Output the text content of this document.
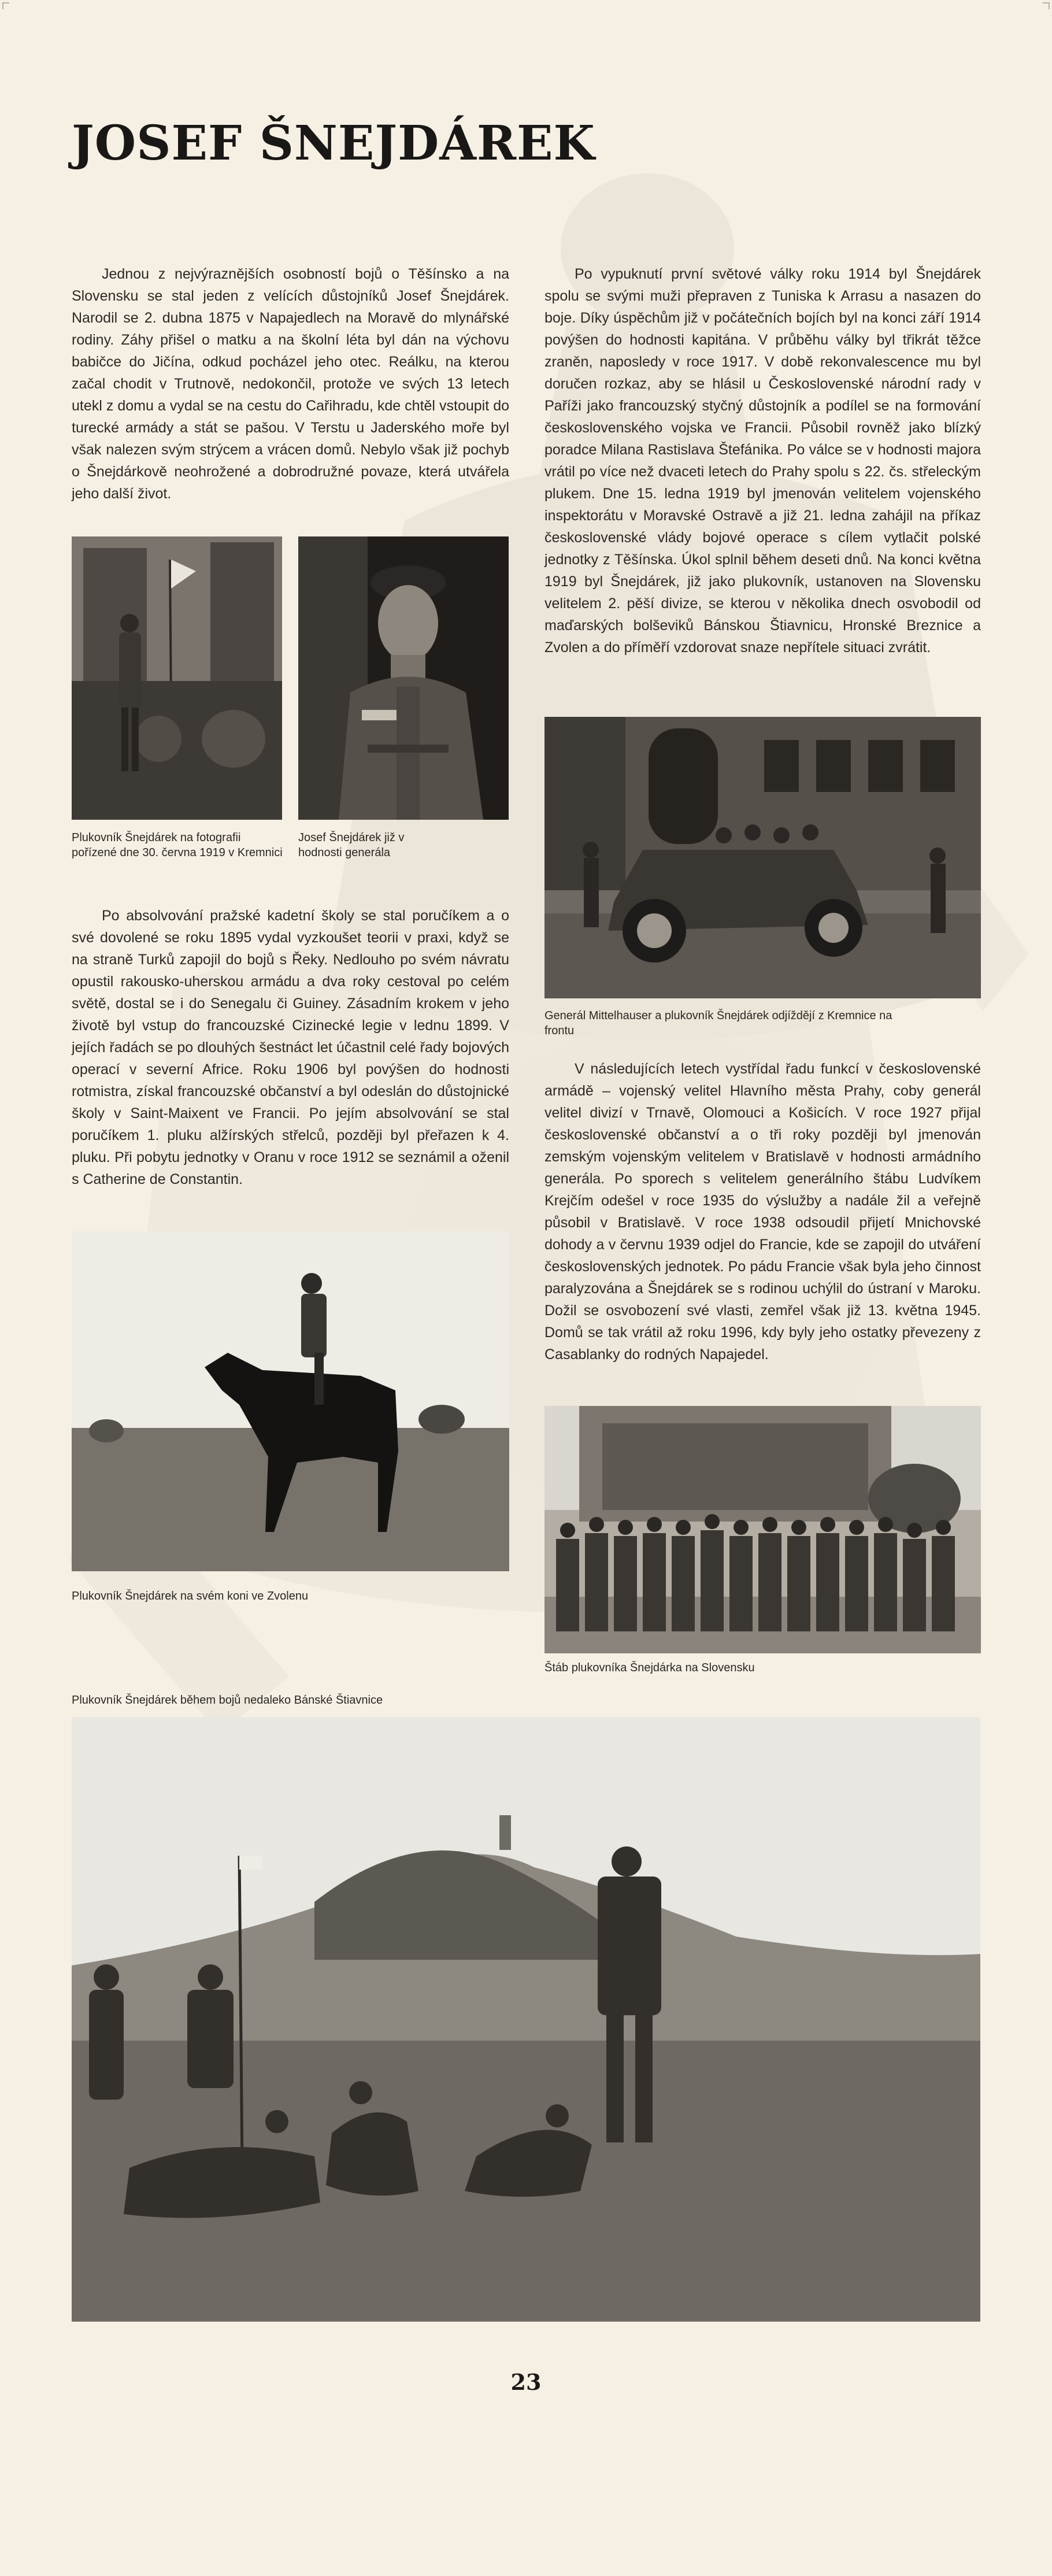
JOSEF ŠNEJDÁREK

Jednou z nejvýraznějších osobností bojů o Těšínsko a na Slovensku se stal jeden z velících důstojníků Josef Šnejdárek. Narodil se 2. dubna 1875 v Napajedlech na Moravě do mlynářské rodiny. Záhy přišel o matku a na školní léta byl dán na výchovu babičce do Jičína, odkud pocházel jeho otec. Reálku, na kterou začal chodit v Trutnově, nedokončil, protože ve svých 13 letech utekl z domu a vydal se na cestu do Cařihradu, kde chtěl vstoupit do turecké armády a stát se pašou. V Terstu u Jaderského moře byl však nalezen svým strýcem a vrácen domů. Nebylo však již pochyb o Šnejdárkově neohrožené a dobrodružné povaze, která utvářela jeho další život.

Po vypuknutí první světové války roku 1914 byl Šnejdárek spolu se svými muži přepraven z Tuniska k Arrasu a nasazen do boje. Díky úspěchům již v počátečních bojích byl na konci září 1914 povýšen do hodnosti kapitána. V průběhu války byl třikrát těžce zraněn, naposledy v roce 1917. V době rekonvalescence mu byl doručen rozkaz, aby se hlásil u Československé národní rady v Paříži jako francouzský styčný důstojník a podílel se na formování československého vojska ve Francii. Působil rovněž jako blízký poradce Milana Rastislava Štefánika. Po válce se v hodnosti majora vrátil po více než dvaceti letech do Prahy spolu s 22. čs. střeleckým plukem. Dne 15. ledna 1919 byl jmenován velitelem vojenského inspektorátu v Moravské Ostravě a již 21. ledna zahájil na příkaz československé vlády bojové operace s cílem vytlačit polské jednotky z Těšínska. Úkol splnil během deseti dnů. Na konci května 1919 byl Šnejdárek, již jako plukovník, ustanoven na Slovensku velitelem 2. pěší divize, se kterou v několika dnech osvobodil od maďarských bolševiků Bánskou Štiavnicu, Hronské Breznice a Zvolen a do příměří vzdorovat snaze nepřítele situaci zvrátit.

Po absolvování pražské kadetní školy se stal poručíkem a o své dovolené se roku 1895 vydal vyzkoušet teorii v praxi, když se na straně Turků zapojil do bojů s Řeky. Nedlouho po svém návratu opustil rakousko-uherskou armádu a dva roky cestoval po celém světě, dostal se i do Senegalu či Guiney. Zásadním krokem v jeho životě byl vstup do francouzské Cizinecké legie v lednu 1899. V jejích řadách se po dlouhých šestnáct let účastnil celé řady bojových operací v severní Africe. Roku 1906 byl povýšen do hodnosti rotmistra, získal francouzské občanství a byl odeslán do důstojnické školy v Saint-Maixent ve Francii. Po jejím absolvování se stal poručíkem 1. pluku alžírských střelců, později byl přeřazen k 4. pluku. Při pobytu jednotky v Oranu v roce 1912 se seznámil a oženil s Catherine de Constantin.

V následujících letech vystřídal řadu funkcí v československé armádě – vojenský velitel Hlavního města Prahy, coby generál velitel divizí v Trnavě, Olomouci a Košicích. V roce 1927 přijal československé občanství a o tři roky později byl jmenován zemským vojenským velitelem v Bratislavě v hodnosti armádního generála. Po sporech s velitelem generálního štábu Ludvíkem Krejčím odešel v roce 1935 do výslužby a nadále žil a veřejně působil v Bratislavě. V roce 1938 odsoudil přijetí Mnichovské dohody a v červnu 1939 odjel do Francie, kde se zapojil do utváření československých jednotek. Po pádu Francie však byla jeho činnost paralyzována a Šnejdárek se s rodinou uchýlil do ústraní v Maroku. Dožil se osvobození své vlasti, zemřel však již 13. května 1945. Domů se tak vrátil až roku 1996, kdy byly jeho ostatky převezeny z Casablanky do rodných Napajedel.

Plukovník Šnejdárek na fotografii pořízené dne 30. června 1919 v Kremnici

Josef Šnejdárek již v hodnosti generála

Generál Mittelhauser a plukovník Šnejdárek odjíždějí z Kremnice na frontu

Plukovník Šnejdárek na svém koni ve Zvolenu

Štáb plukovníka Šnejdárka na Slovensku

Plukovník Šnejdárek během bojů nedaleko Bánské Štiavnice

23
